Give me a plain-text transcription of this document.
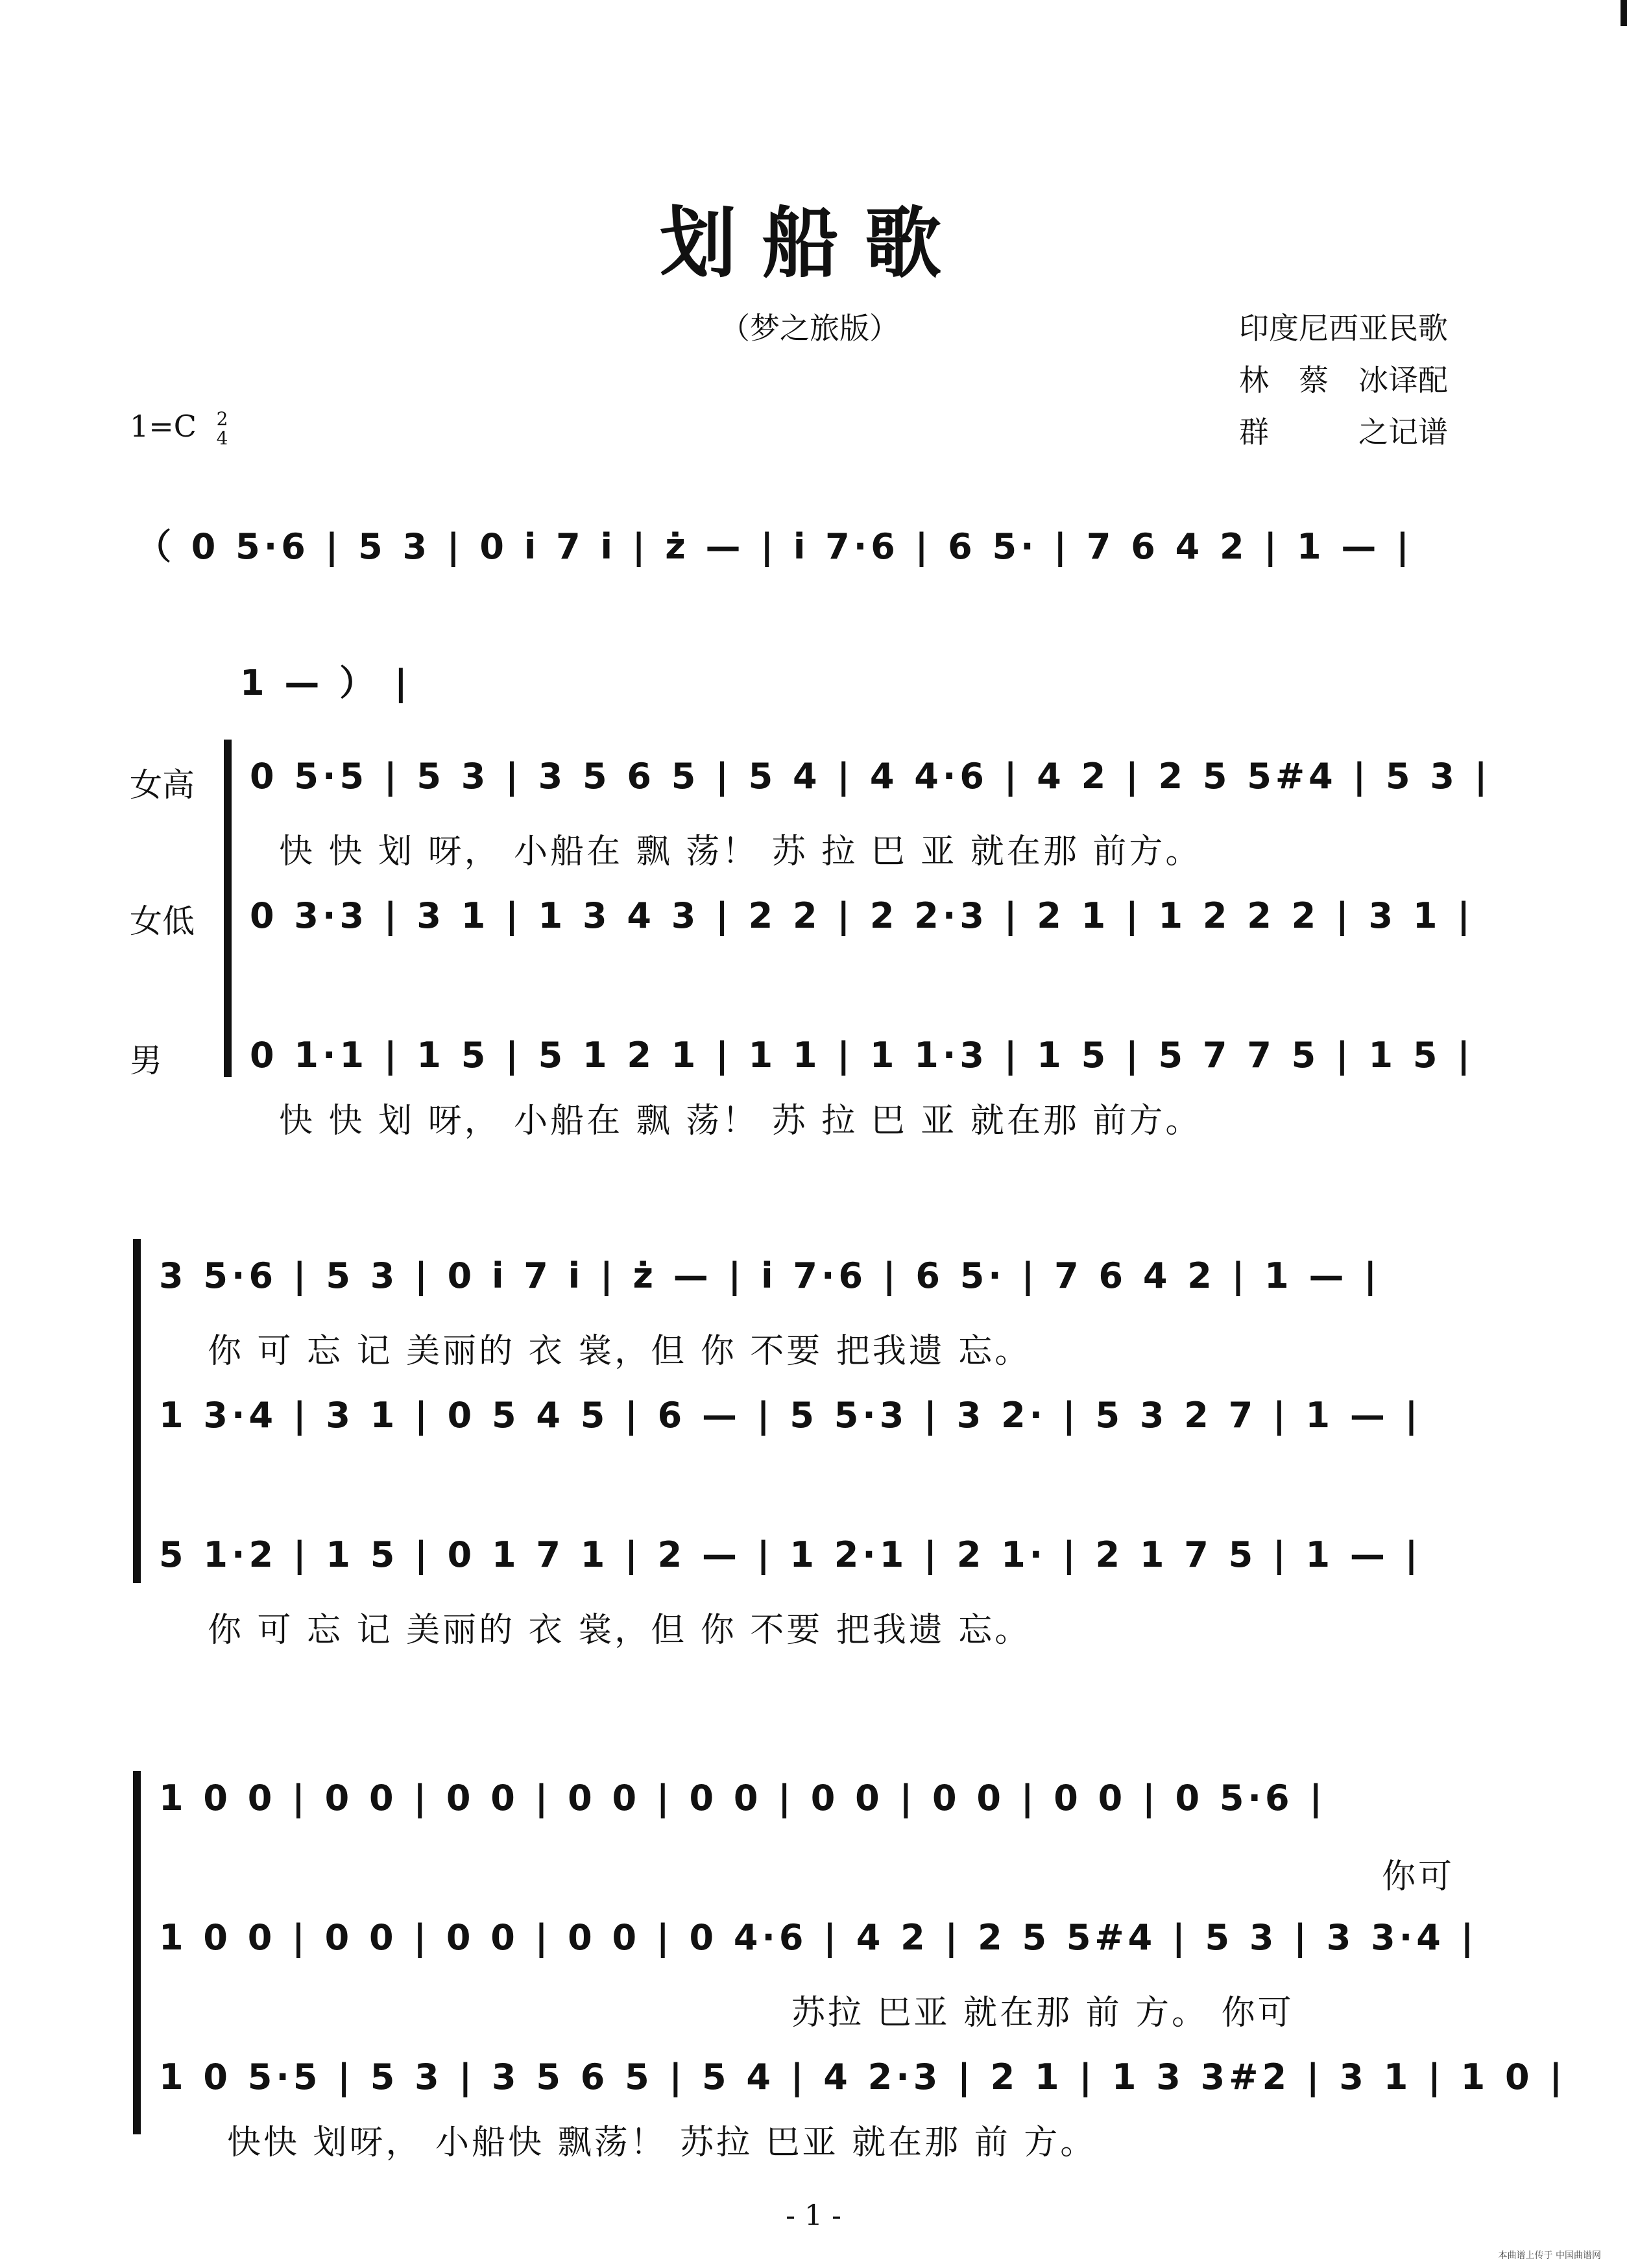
划船歌
（梦之旅版）	印度尼西亚民歌
林　蔡　冰译配
群　　　之记谱
1=C 2
4
（ 0 5·6 | 5 3 | 0 i 7 i | ż — | i 7·6 | 6 5· | 7 6 4 2 | 1 — |
1 — ） |
女高
女低
男
0 5·5 | 5 3 | 3 5 6 5 | 5 4 | 4 4·6 | 4 2 | 2 5 5#4 | 5 3 |
快 快 划 呀， 小船在 飘 荡！ 苏 拉 巴 亚 就在那 前方。
0 3·3 | 3 1 | 1 3 4 3 | 2 2 | 2 2·3 | 2 1 | 1 2 2 2 | 3 1 |
0 1·1 | 1 5 | 5 1 2 1 | 1 1 | 1 1·3 | 1 5 | 5 7 7 5 | 1 5 |
快 快 划 呀， 小船在 飘 荡！ 苏 拉 巴 亚 就在那 前方。
3 5·6 | 5 3 | 0 i 7 i | ż — | i 7·6 | 6 5· | 7 6 4 2 | 1 — |
你 可 忘 记 美丽的 衣 裳，但 你 不要 把我遗 忘。
1 3·4 | 3 1 | 0 5 4 5 | 6 — | 5 5·3 | 3 2· | 5 3 2 7 | 1 — |
5 1·2 | 1 5 | 0 1 7 1 | 2 — | 1 2·1 | 2 1· | 2 1 7 5 | 1 — |
你 可 忘 记 美丽的 衣 裳，但 你 不要 把我遗 忘。
1 0 0 | 0 0 | 0 0 | 0 0 | 0 0 | 0 0 | 0 0 | 0 0 | 0 5·6 |
你可
1 0 0 | 0 0 | 0 0 | 0 0 | 0 4·6 | 4 2 | 2 5 5#4 | 5 3 | 3 3·4 |
苏拉 巴亚 就在那 前 方。 你可
1 0 5·5 | 5 3 | 3 5 6 5 | 5 4 | 4 2·3 | 2 1 | 1 3 3#2 | 3 1 | 1 0 |
快快 划呀， 小船快 飘荡！ 苏拉 巴亚 就在那 前 方。
- 1 -
本曲谱上传于 中国曲谱网
